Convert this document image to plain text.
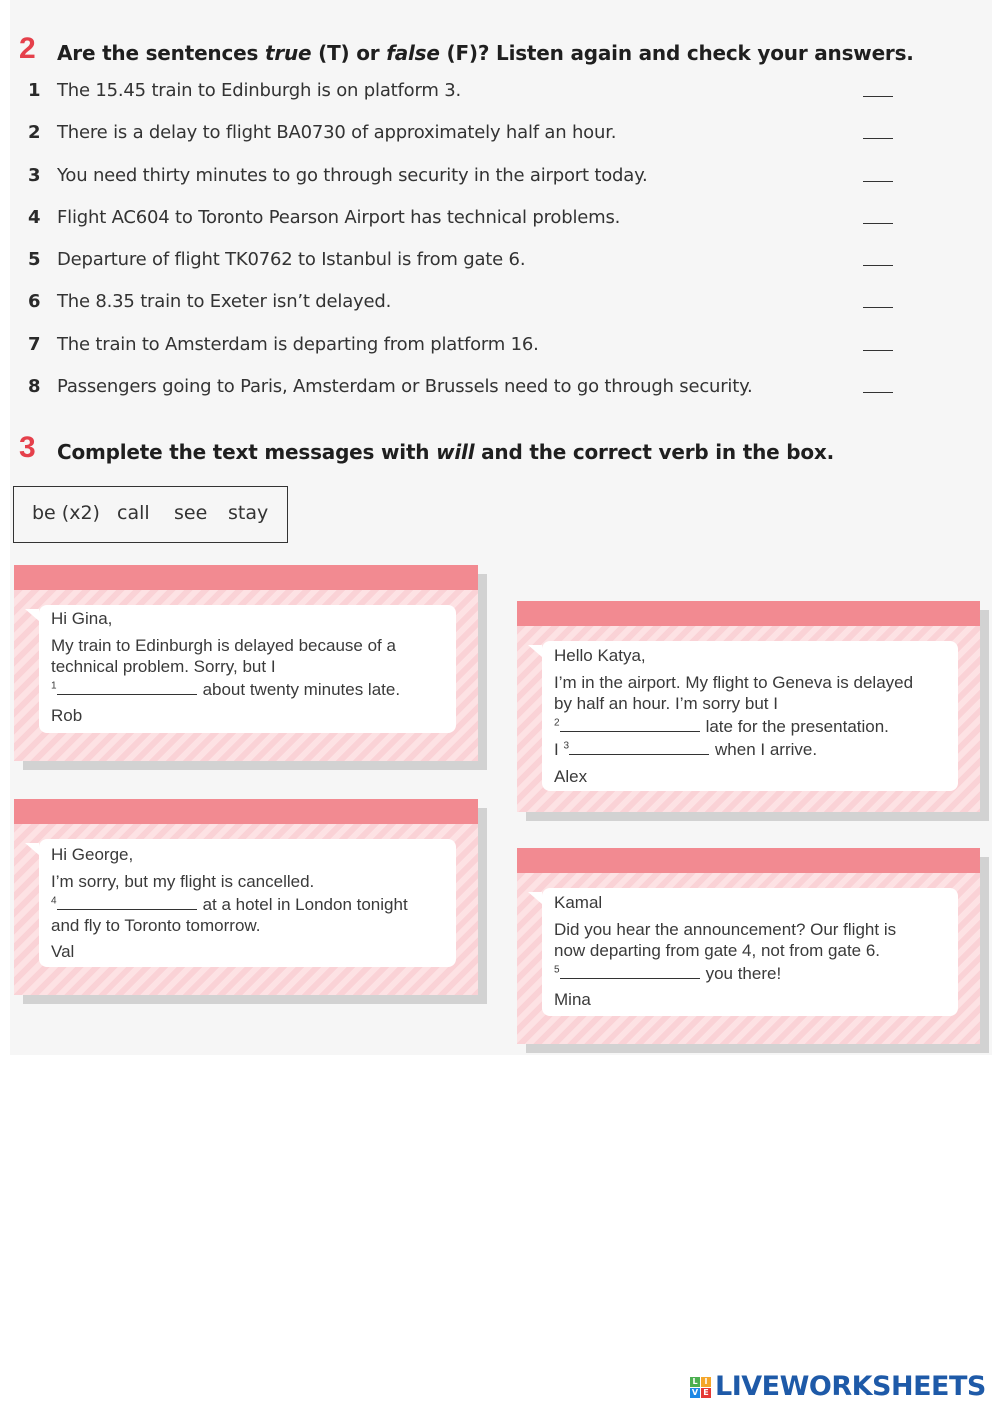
2 Are the sentences true (T) or false (F)? Listen again and check your answers.
1 The 15.45 train to Edinburgh is on platform 3.
2 There is a delay to flight BA0730 of approximately half an hour.
3 You need thirty minutes to go through security in the airport today.
4 Flight AC604 to Toronto Pearson Airport has technical problems.
5 Departure of flight TK0762 to Istanbul is from gate 6.
6 The 8.35 train to Exeter isn’t delayed.
7 The train to Amsterdam is departing from platform 16.
8 Passengers going to Paris, Amsterdam or Brussels need to go through security.
3 Complete the text messages with will and the correct verb in the box.
be (x2) call see stay
Hi Gina,
My train to Edinburgh is delayed because of a
technical problem. Sorry, but I
$^1$	about twenty minutes late.
Rob
Hello Katya,
I’m in the airport. My flight to Geneva is delayed
by half an hour. I’m sorry but I
$^2$	late for the presentation.
I $^3$	when I arrive.
Alex
Hi George,
I’m sorry, but my flight is cancelled.
$^4$	at a hotel in London tonight
and fly to Toronto tomorrow.
Val
Kamal
Did you hear the announcement? Our flight is
now departing from gate 4, not from gate 6.
$^5$	you there!
Mina
L I
V E LIVEWORKSHEETS
